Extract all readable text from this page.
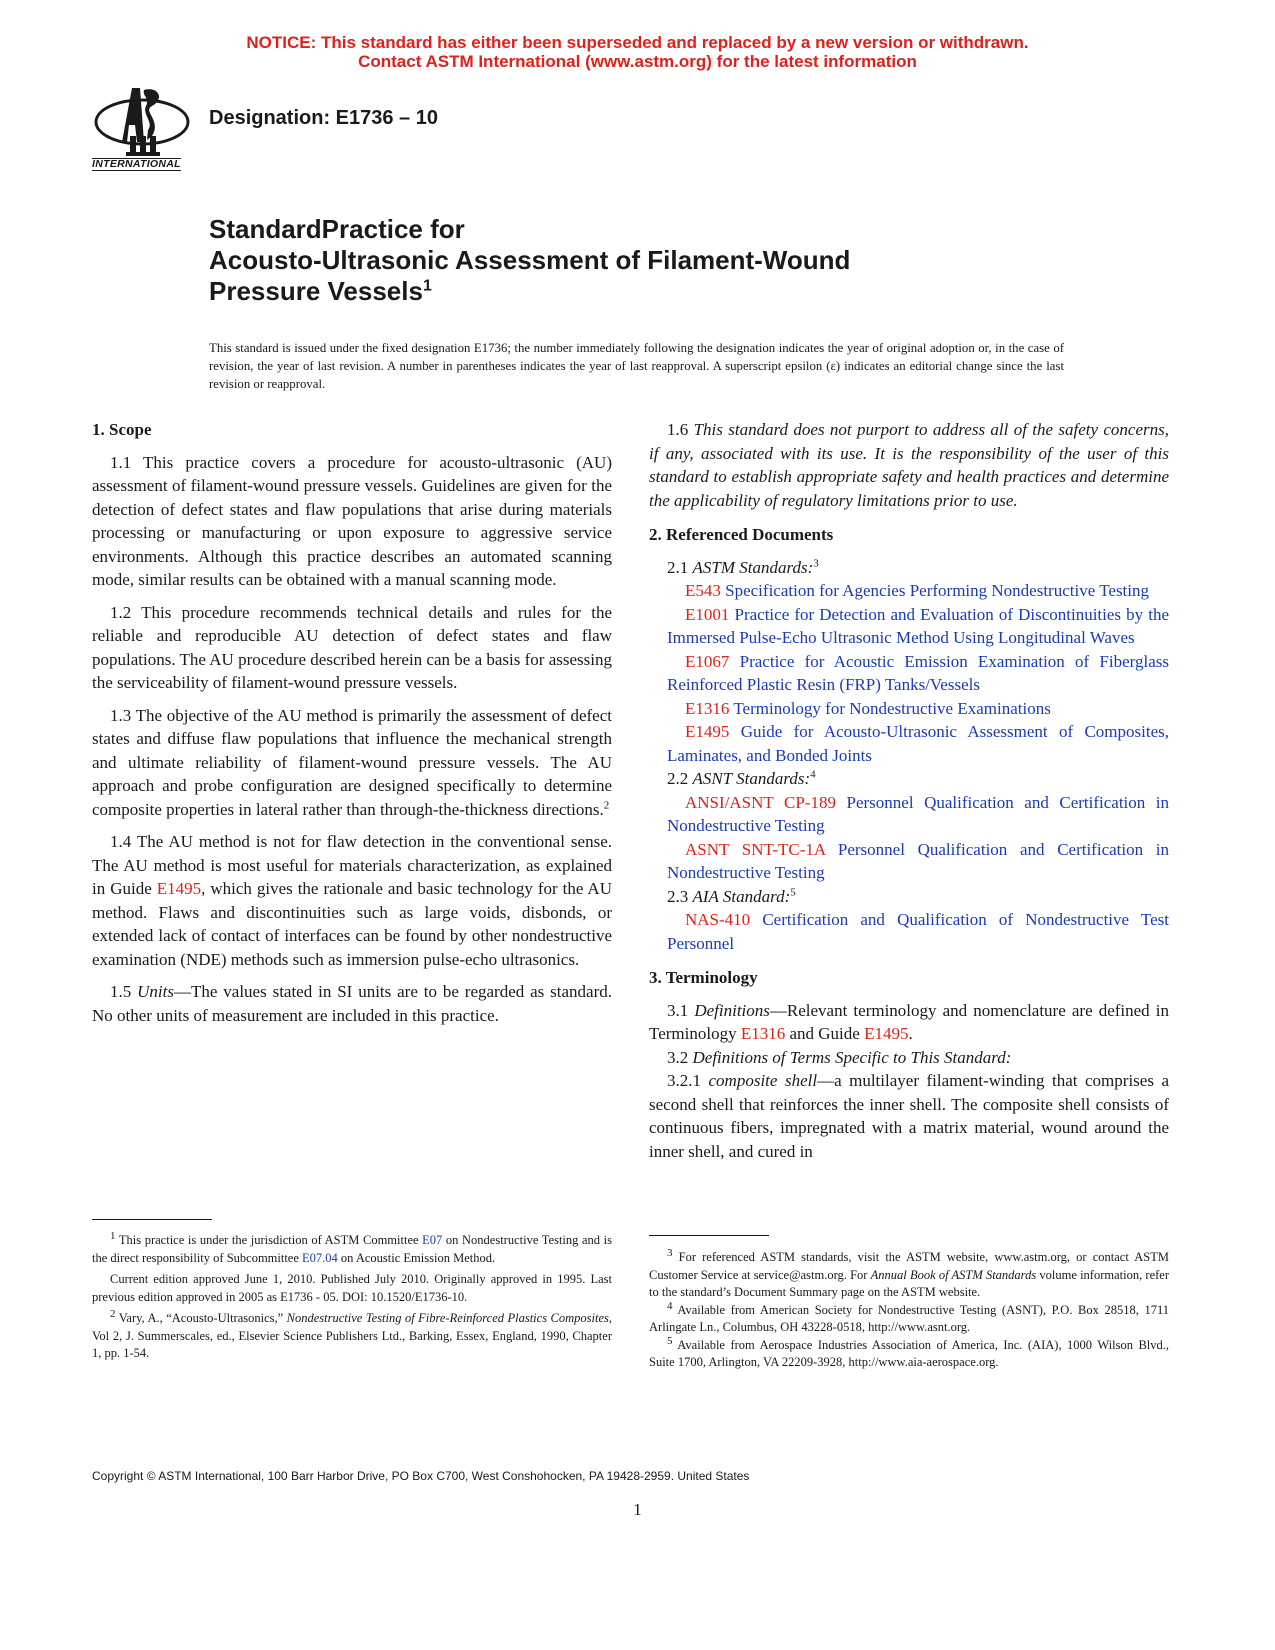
NOTICE: This standard has either been superseded and replaced by a new version or withdrawn.
Contact ASTM International (www.astm.org) for the latest information
INTERNATIONAL
Designation: E1736 – 10
StandardPractice for
Acousto-Ultrasonic Assessment of Filament-Wound
Pressure Vessels$^1$
This standard is issued under the fixed designation E1736; the number immediately following the designation indicates the year of original adoption or, in the case of revision, the year of last revision. A number in parentheses indicates the year of last reapproval. A superscript epsilon (ε) indicates an editorial change since the last revision or reapproval.
1. Scope

1.1 This practice covers a procedure for acousto-ultrasonic (AU) assessment of filament-wound pressure vessels. Guidelines are given for the detection of defect states and flaw populations that arise during materials processing or manufacturing or upon exposure to aggressive service environments. Although this practice describes an automated scanning mode, similar results can be obtained with a manual scanning mode.

1.2 This procedure recommends technical details and rules for the reliable and reproducible AU detection of defect states and flaw populations. The AU procedure described herein can be a basis for assessing the serviceability of filament-wound pressure vessels.

1.3 The objective of the AU method is primarily the assessment of defect states and diffuse flaw populations that influence the mechanical strength and ultimate reliability of filament-wound pressure vessels. The AU approach and probe configuration are designed specifically to determine composite properties in lateral rather than through-the-thickness directions.$^2$

1.4 The AU method is not for flaw detection in the conventional sense. The AU method is most useful for materials characterization, as explained in Guide E1495, which gives the rationale and basic technology for the AU method. Flaws and discontinuities such as large voids, disbonds, or extended lack of contact of interfaces can be found by other nondestructive examination (NDE) methods such as immersion pulse-echo ultrasonics.

1.5 Units—The values stated in SI units are to be regarded as standard. No other units of measurement are included in this practice.

1.6 This standard does not purport to address all of the safety concerns, if any, associated with its use. It is the responsibility of the user of this standard to establish appropriate safety and health practices and determine the applicability of regulatory limitations prior to use.

2. Referenced Documents

2.1 ASTM Standards:$^3$

E543 Specification for Agencies Performing Nondestructive Testing

E1001 Practice for Detection and Evaluation of Discontinuities by the Immersed Pulse-Echo Ultrasonic Method Using Longitudinal Waves

E1067 Practice for Acoustic Emission Examination of Fiberglass Reinforced Plastic Resin (FRP) Tanks/Vessels

E1316 Terminology for Nondestructive Examinations

E1495 Guide for Acousto-Ultrasonic Assessment of Composites, Laminates, and Bonded Joints

2.2 ASNT Standards:$^4$

ANSI/ASNT CP-189 Personnel Qualification and Certification in Nondestructive Testing

ASNT SNT-TC-1A Personnel Qualification and Certification in Nondestructive Testing

2.3 AIA Standard:$^5$

NAS-410 Certification and Qualification of Nondestructive Test Personnel

3. Terminology

3.1 Definitions—Relevant terminology and nomenclature are defined in Terminology E1316 and Guide E1495.

3.2 Definitions of Terms Specific to This Standard:

3.2.1 composite shell—a multilayer filament-winding that comprises a second shell that reinforces the inner shell. The composite shell consists of continuous fibers, impregnated with a matrix material, wound around the inner shell, and cured in

$^1$ This practice is under the jurisdiction of ASTM Committee E07 on Nondestructive Testing and is the direct responsibility of Subcommittee E07.04 on Acoustic Emission Method.

Current edition approved June 1, 2010. Published July 2010. Originally approved in 1995. Last previous edition approved in 2005 as E1736 - 05. DOI: 10.1520/E1736-10.

$^2$ Vary, A., “Acousto-Ultrasonics,” Nondestructive Testing of Fibre-Reinforced Plastics Composites, Vol 2, J. Summerscales, ed., Elsevier Science Publishers Ltd., Barking, Essex, England, 1990, Chapter 1, pp. 1-54.

$^3$ For referenced ASTM standards, visit the ASTM website, www.astm.org, or contact ASTM Customer Service at service@astm.org. For Annual Book of ASTM Standards volume information, refer to the standard’s Document Summary page on the ASTM website.

$^4$ Available from American Society for Nondestructive Testing (ASNT), P.O. Box 28518, 1711 Arlingate Ln., Columbus, OH 43228-0518, http://www.asnt.org.

$^5$ Available from Aerospace Industries Association of America, Inc. (AIA), 1000 Wilson Blvd., Suite 1700, Arlington, VA 22209-3928, http://www.aia-aerospace.org.

Copyright © ASTM International, 100 Barr Harbor Drive, PO Box C700, West Conshohocken, PA 19428-2959. United States
1
